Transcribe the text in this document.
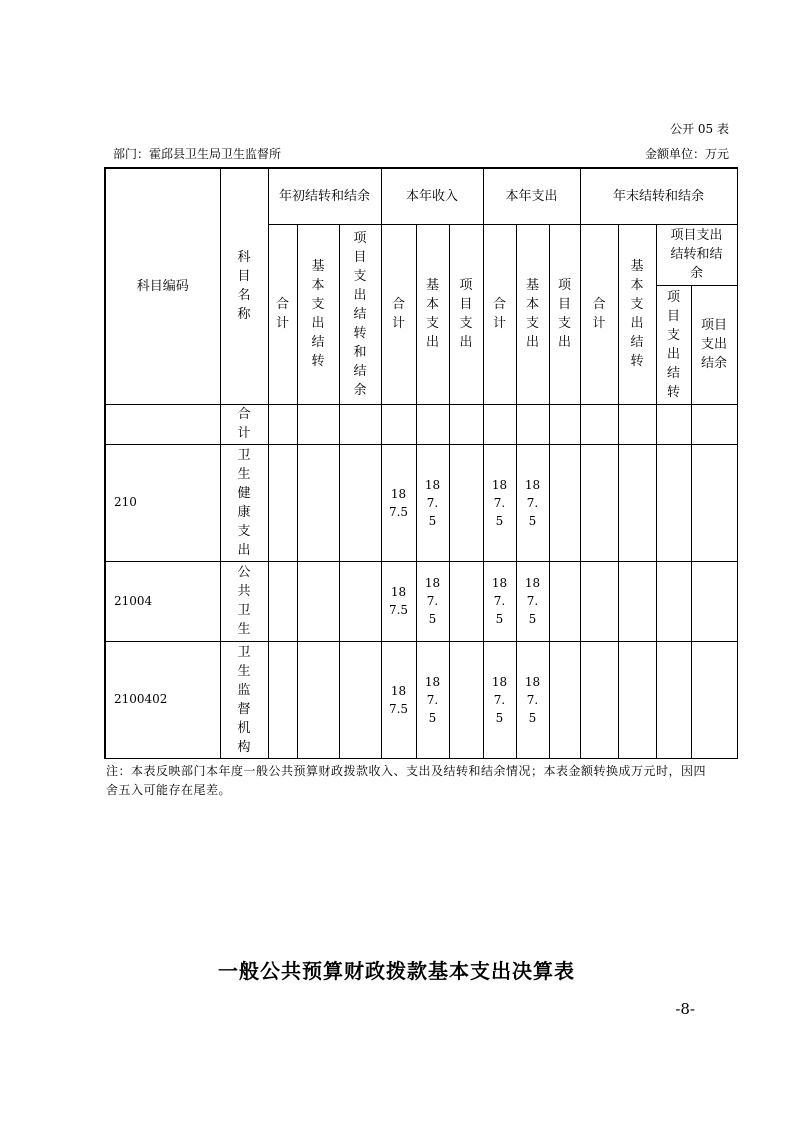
公开 05 表
部门：霍邱县卫生局卫生监督所	金额单位：万元
科目编码	科目名称	年初结转和结余			本年收入			本年支出			年末结转和结余			

		合计	基本支出结转	项目支出结转和结余	合计	基本支出	项目支出	合计	基本支出	项目支出	合计	基本支出结转	项目支出结转和结余	

													项目支出结转	项目支出结余

	合计													

210	卫生健康支出				187.5	187.5		187.5	187.5					

21004	公共卫生				187.5	187.5		187.5	187.5					

2100402	卫生监督机构				187.5	187.5		187.5	187.5					

注：本表反映部门本年度一般公共预算财政拨款收入、支出及结转和结余情况；本表金额转换成万元时，因四舍五入可能存在尾差。
一般公共预算财政拨款基本支出决算表
-8-
